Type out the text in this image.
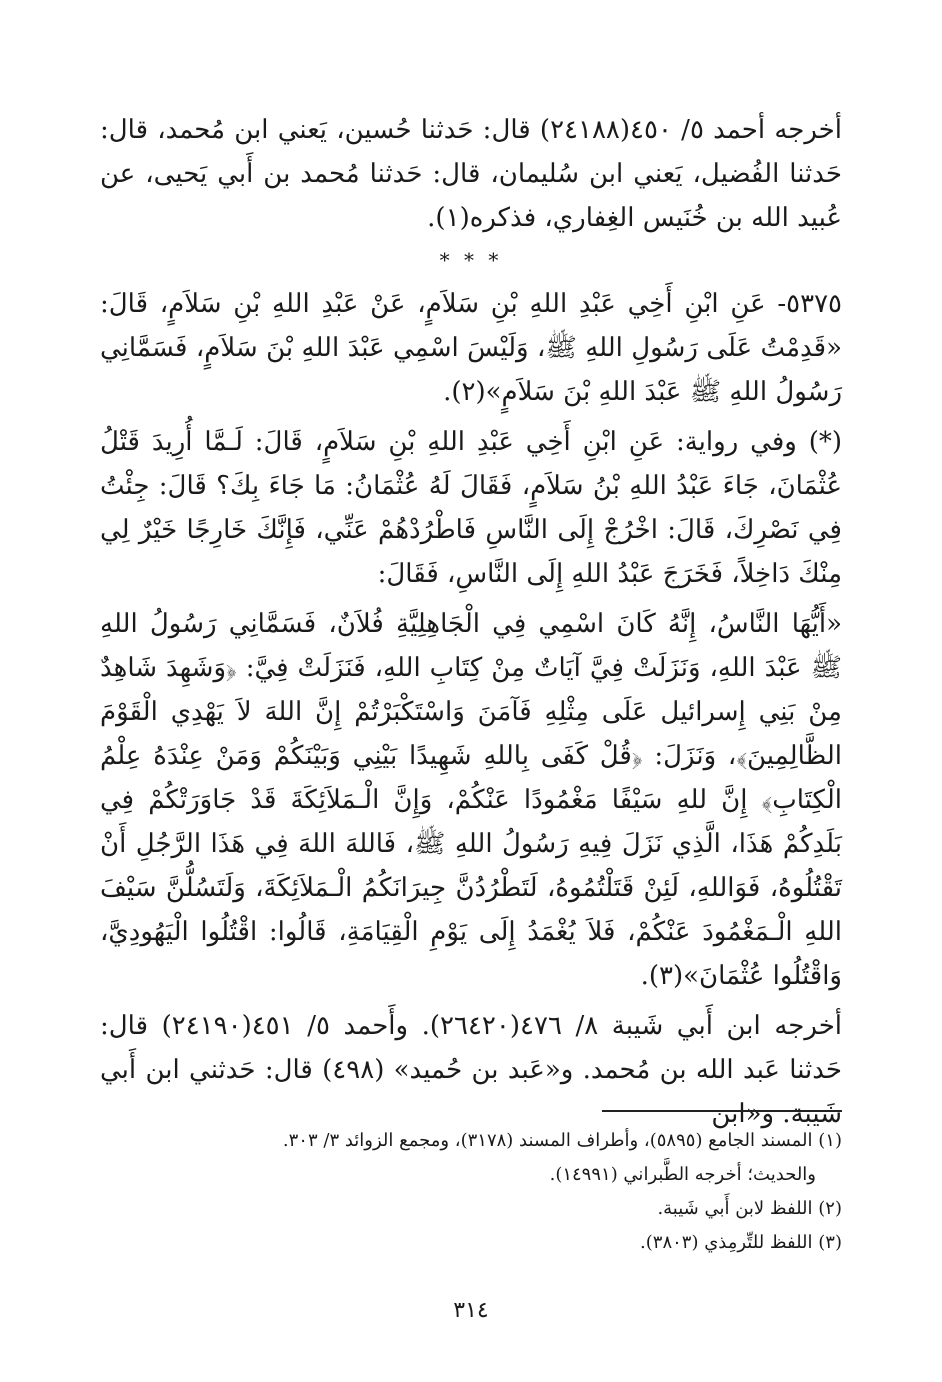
أخرجه أحمد ٥/ ٤٥٠(٢٤١٨٨) قال: حَدثنا حُسين، يَعني ابن مُحمد، قال: حَدثنا الفُضيل، يَعني ابن سُليمان، قال: حَدثنا مُحمد بن أَبي يَحيى، عن عُبيد الله بن خُنَيس الغِفاري، فذكره(١).

* * *

٥٣٧٥- عَنِ ابْنِ أَخِي عَبْدِ اللهِ بْنِ سَلاَمٍ، عَنْ عَبْدِ اللهِ بْنِ سَلاَمٍ، قَالَ: «قَدِمْتُ عَلَى رَسُولِ اللهِ ﷺ، وَلَيْسَ اسْمِي عَبْدَ اللهِ بْنَ سَلاَمٍ، فَسَمَّانِي رَسُولُ اللهِ ﷺ عَبْدَ اللهِ بْنَ سَلاَمٍ»(٢).

(*) وفي رواية: عَنِ ابْنِ أَخِي عَبْدِ اللهِ بْنِ سَلاَمٍ، قَالَ: لَـمَّا أُرِيدَ قَتْلُ عُثْمَانَ، جَاءَ عَبْدُ اللهِ بْنُ سَلاَمٍ، فَقَالَ لَهُ عُثْمَانُ: مَا جَاءَ بِكَ؟ قَالَ: جِئْتُ فِي نَصْرِكَ، قَالَ: اخْرُجْ إِلَى النَّاسِ فَاطْرُدْهُمْ عَنِّي، فَإِنَّكَ خَارِجًا خَيْرٌ لِي مِنْكَ دَاخِلاً، فَخَرَجَ عَبْدُ اللهِ إِلَى النَّاسِ، فَقَالَ:

«أَيُّهَا النَّاسُ، إِنَّهُ كَانَ اسْمِي فِي الْجَاهِلِيَّةِ فُلاَنٌ، فَسَمَّانِي رَسُولُ اللهِ ﷺ عَبْدَ اللهِ، وَنَزَلَتْ فِيَّ آيَاتٌ مِنْ كِتَابِ اللهِ، فَنَزَلَتْ فِيَّ: ﴿وَشَهِدَ شَاهِدٌ مِنْ بَنِي إِسرائيل عَلَى مِثْلِهِ فَآمَنَ وَاسْتَكْبَرْتُمْ إِنَّ اللهَ لاَ يَهْدِي الْقَوْمَ الظَّالِمِينَ﴾، وَنَزَلَ: ﴿قُلْ كَفَى بِاللهِ شَهِيدًا بَيْنِي وَبَيْنَكُمْ وَمَنْ عِنْدَهُ عِلْمُ الْكِتَابِ﴾ إِنَّ للهِ سَيْفًا مَغْمُودًا عَنْكُمْ، وَإِنَّ الْـمَلاَئِكَةَ قَدْ جَاوَرَتْكُمْ فِي بَلَدِكُمْ هَذَا، الَّذِي نَزَلَ فِيهِ رَسُولُ اللهِ ﷺ، فَاللهَ اللهَ فِي هَذَا الرَّجُلِ أَنْ تَقْتُلُوهُ، فَوَاللهِ، لَئِنْ قَتَلْتُمُوهُ، لَتَطْرُدُنَّ جِيرَانَكُمُ الْـمَلاَئِكَةَ، وَلَتَسُلُّنَّ سَيْفَ اللهِ الْـمَغْمُودَ عَنْكُمْ، فَلاَ يُغْمَدُ إِلَى يَوْمِ الْقِيَامَةِ، قَالُوا: اقْتُلُوا الْيَهُودِيَّ، وَاقْتُلُوا عُثْمَانَ»(٣).

أخرجه ابن أَبي شَيبة ٨/ ٤٧٦(٢٦٤٢٠). وأَحمد ٥/ ٤٥١(٢٤١٩٠) قال: حَدثنا عَبد الله بن مُحمد. و«عَبد بن حُميد» (٤٩٨) قال: حَدثني ابن أَبي شَيبة. و«ابن

(١) المسند الجامع (٥٨٩٥)، وأطراف المسند (٣١٧٨)، ومجمع الزوائد ٣/ ٣٠٣.

والحديث؛ أخرجه الطَّبراني (١٤٩٩١).

(٢) اللفظ لابن أَبي شَيبة.

(٣) اللفظ للتِّرمِذي (٣٨٠٣).

٣١٤
